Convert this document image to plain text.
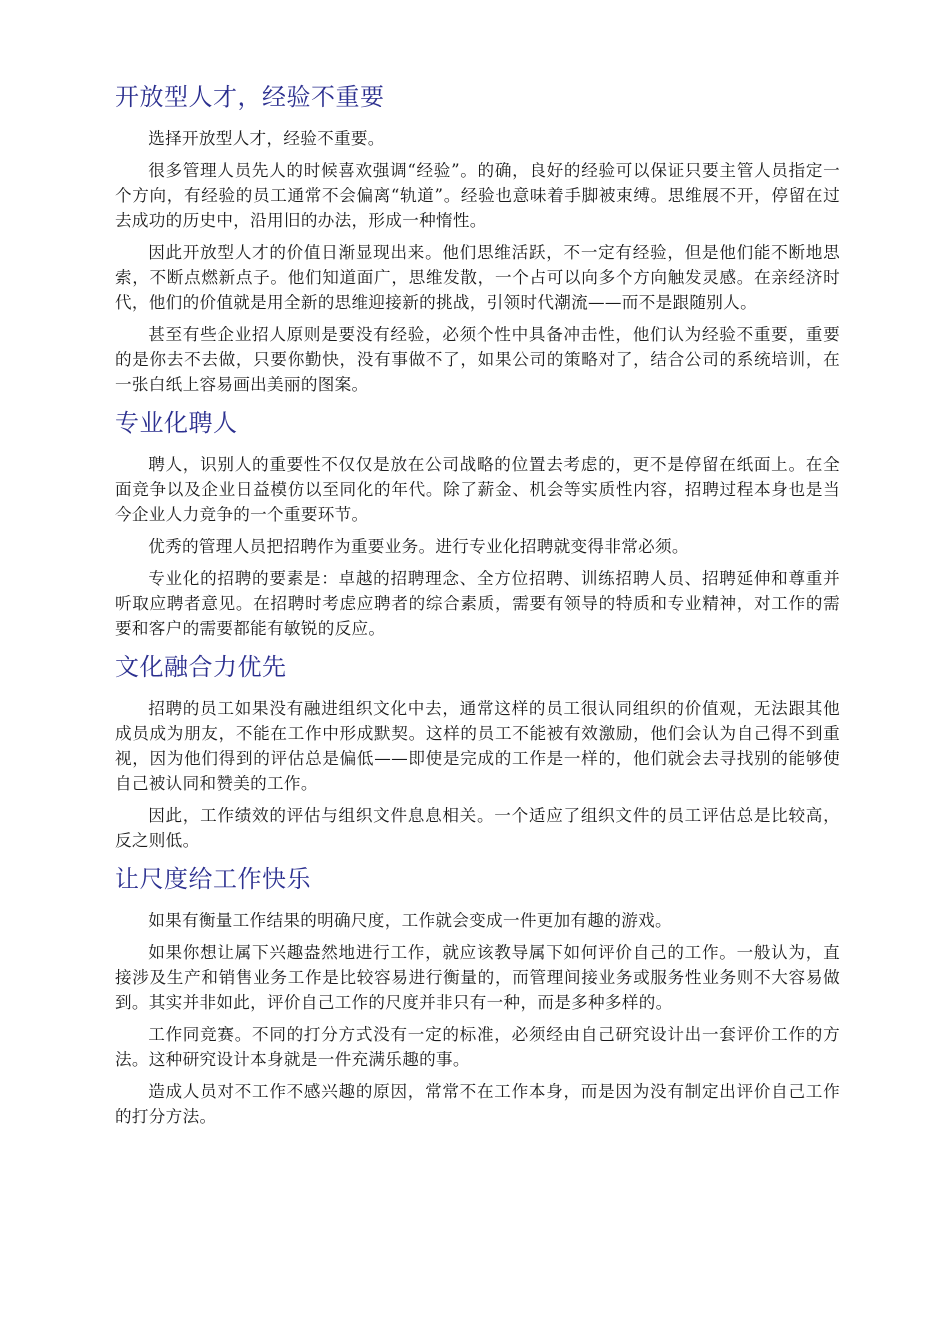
开放型人才，经验不重要

选择开放型人才，经验不重要。

很多管理人员先人的时候喜欢强调“经验”。的确，良好的经验可以保证只要主管人员指定一个方向，有经验的员工通常不会偏离“轨道”。经验也意味着手脚被束缚。思维展不开，停留在过去成功的历史中，沿用旧的办法，形成一种惰性。

因此开放型人才的价值日渐显现出来。他们思维活跃，不一定有经验，但是他们能不断地思索，不断点燃新点子。他们知道面广，思维发散，一个占可以向多个方向触发灵感。在亲经济时代，他们的价值就是用全新的思维迎接新的挑战，引领时代潮流——而不是跟随别人。

甚至有些企业招人原则是要没有经验，必须个性中具备冲击性，他们认为经验不重要，重要的是你去不去做，只要你勤快，没有事做不了，如果公司的策略对了，结合公司的系统培训，在一张白纸上容易画出美丽的图案。

专业化聘人

聘人，识别人的重要性不仅仅是放在公司战略的位置去考虑的，更不是停留在纸面上。在全面竞争以及企业日益模仿以至同化的年代。除了薪金、机会等实质性内容，招聘过程本身也是当今企业人力竞争的一个重要环节。

优秀的管理人员把招聘作为重要业务。进行专业化招聘就变得非常必须。

专业化的招聘的要素是：卓越的招聘理念、全方位招聘、训练招聘人员、招聘延伸和尊重并听取应聘者意见。在招聘时考虑应聘者的综合素质，需要有领导的特质和专业精神，对工作的需要和客户的需要都能有敏锐的反应。

文化融合力优先

招聘的员工如果没有融进组织文化中去，通常这样的员工很认同组织的价值观，无法跟其他成员成为朋友，不能在工作中形成默契。这样的员工不能被有效激励，他们会认为自己得不到重视，因为他们得到的评估总是偏低——即使是完成的工作是一样的，他们就会去寻找别的能够使自己被认同和赞美的工作。

因此，工作绩效的评估与组织文件息息相关。一个适应了组织文件的员工评估总是比较高，反之则低。

让尺度给工作快乐

如果有衡量工作结果的明确尺度，工作就会变成一件更加有趣的游戏。

如果你想让属下兴趣盎然地进行工作，就应该教导属下如何评价自己的工作。一般认为，直接涉及生产和销售业务工作是比较容易进行衡量的，而管理间接业务或服务性业务则不大容易做到。其实并非如此，评价自己工作的尺度并非只有一种，而是多种多样的。

工作同竞赛。不同的打分方式没有一定的标准，必须经由自己研究设计出一套评价工作的方法。这种研究设计本身就是一件充满乐趣的事。

造成人员对不工作不感兴趣的原因，常常不在工作本身，而是因为没有制定出评价自己工作的打分方法。
